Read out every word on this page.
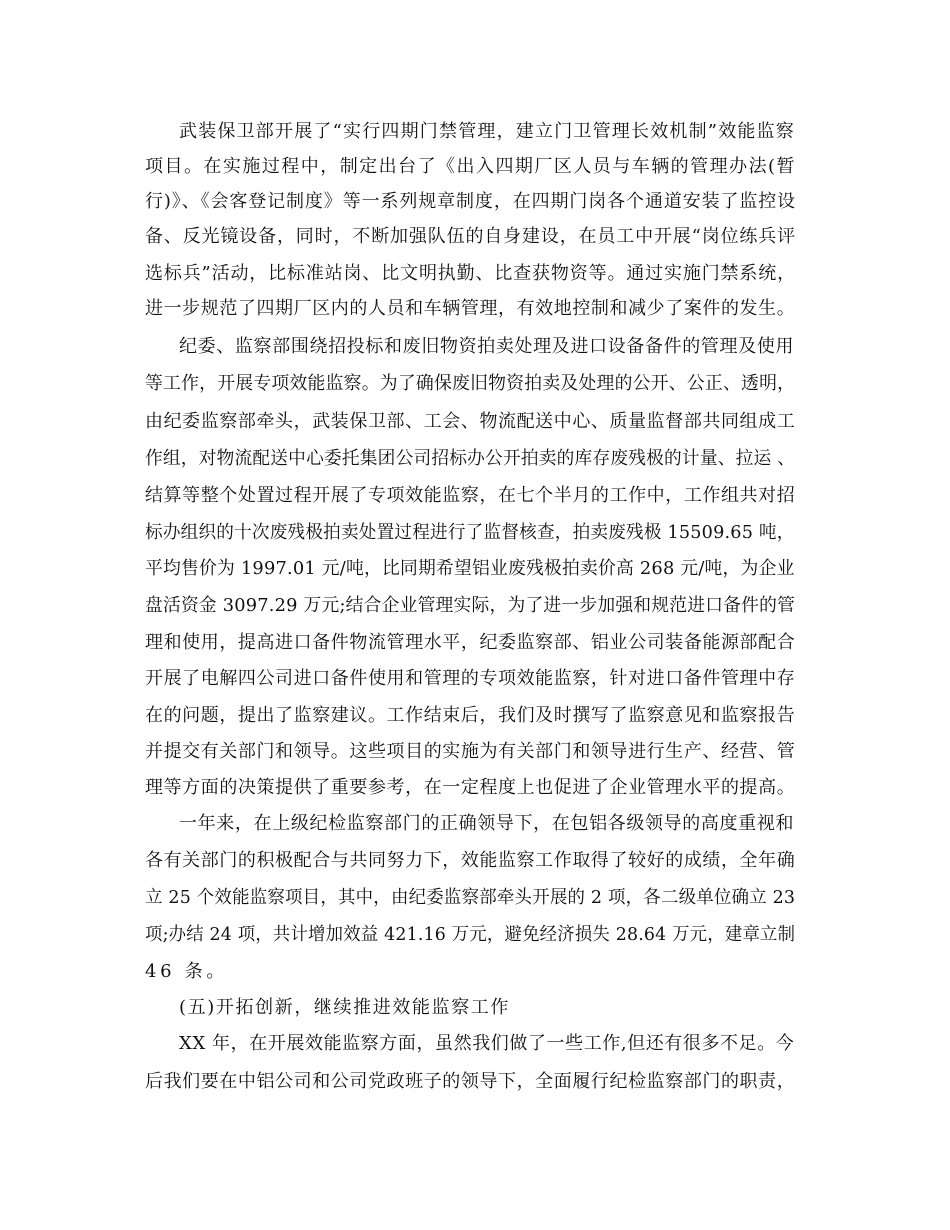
武装保卫部开展了“实行四期门禁管理，建立门卫管理长效机制”效能监察
项目。在实施过程中，制定出台了《出入四期厂区人员与车辆的管理办法(暂
行)》、《会客登记制度》等一系列规章制度，在四期门岗各个通道安装了监控设
备、反光镜设备，同时，不断加强队伍的自身建设，在员工中开展“岗位练兵评
选标兵”活动，比标准站岗、比文明执勤、比查获物资等。通过实施门禁系统，
进一步规范了四期厂区内的人员和车辆管理，有效地控制和减少了案件的发生。
纪委、监察部围绕招投标和废旧物资拍卖处理及进口设备备件的管理及使用
等工作，开展专项效能监察。为了确保废旧物资拍卖及处理的公开、公正、透明，
由纪委监察部牵头，武装保卫部、工会、物流配送中心、质量监督部共同组成工
作组，对物流配送中心委托集团公司招标办公开拍卖的库存废残极的计量、拉运 、
结算等整个处置过程开展了专项效能监察，在七个半月的工作中，工作组共对招
标办组织的十次废残极拍卖处置过程进行了监督核查，拍卖废残极 15509.65 吨，
平均售价为 1997.01 元/吨，比同期希望铝业废残极拍卖价高 268 元/吨，为企业
盘活资金 3097.29 万元;结合企业管理实际，为了进一步加强和规范进口备件的管
理和使用，提高进口备件物流管理水平，纪委监察部、铝业公司装备能源部配合
开展了电解四公司进口备件使用和管理的专项效能监察，针对进口备件管理中存
在的问题，提出了监察建议。工作结束后，我们及时撰写了监察意见和监察报告
并提交有关部门和领导。这些项目的实施为有关部门和领导进行生产、经营、管
理等方面的决策提供了重要参考，在一定程度上也促进了企业管理水平的提高。
一年来，在上级纪检监察部门的正确领导下，在包铝各级领导的高度重视和
各有关部门的积极配合与共同努力下，效能监察工作取得了较好的成绩，全年确
立 25 个效能监察项目，其中，由纪委监察部牵头开展的 2 项，各二级单位确立 23
项;办结 24 项，共计增加效益 421.16 万元，避免经济损失 28.64 万元，建章立制
46 条。
(五)开拓创新，继续推进效能监察工作
XX 年，在开展效能监察方面，虽然我们做了一些工作,但还有很多不足。今
后我们要在中铝公司和公司党政班子的领导下，全面履行纪检监察部门的职责，
